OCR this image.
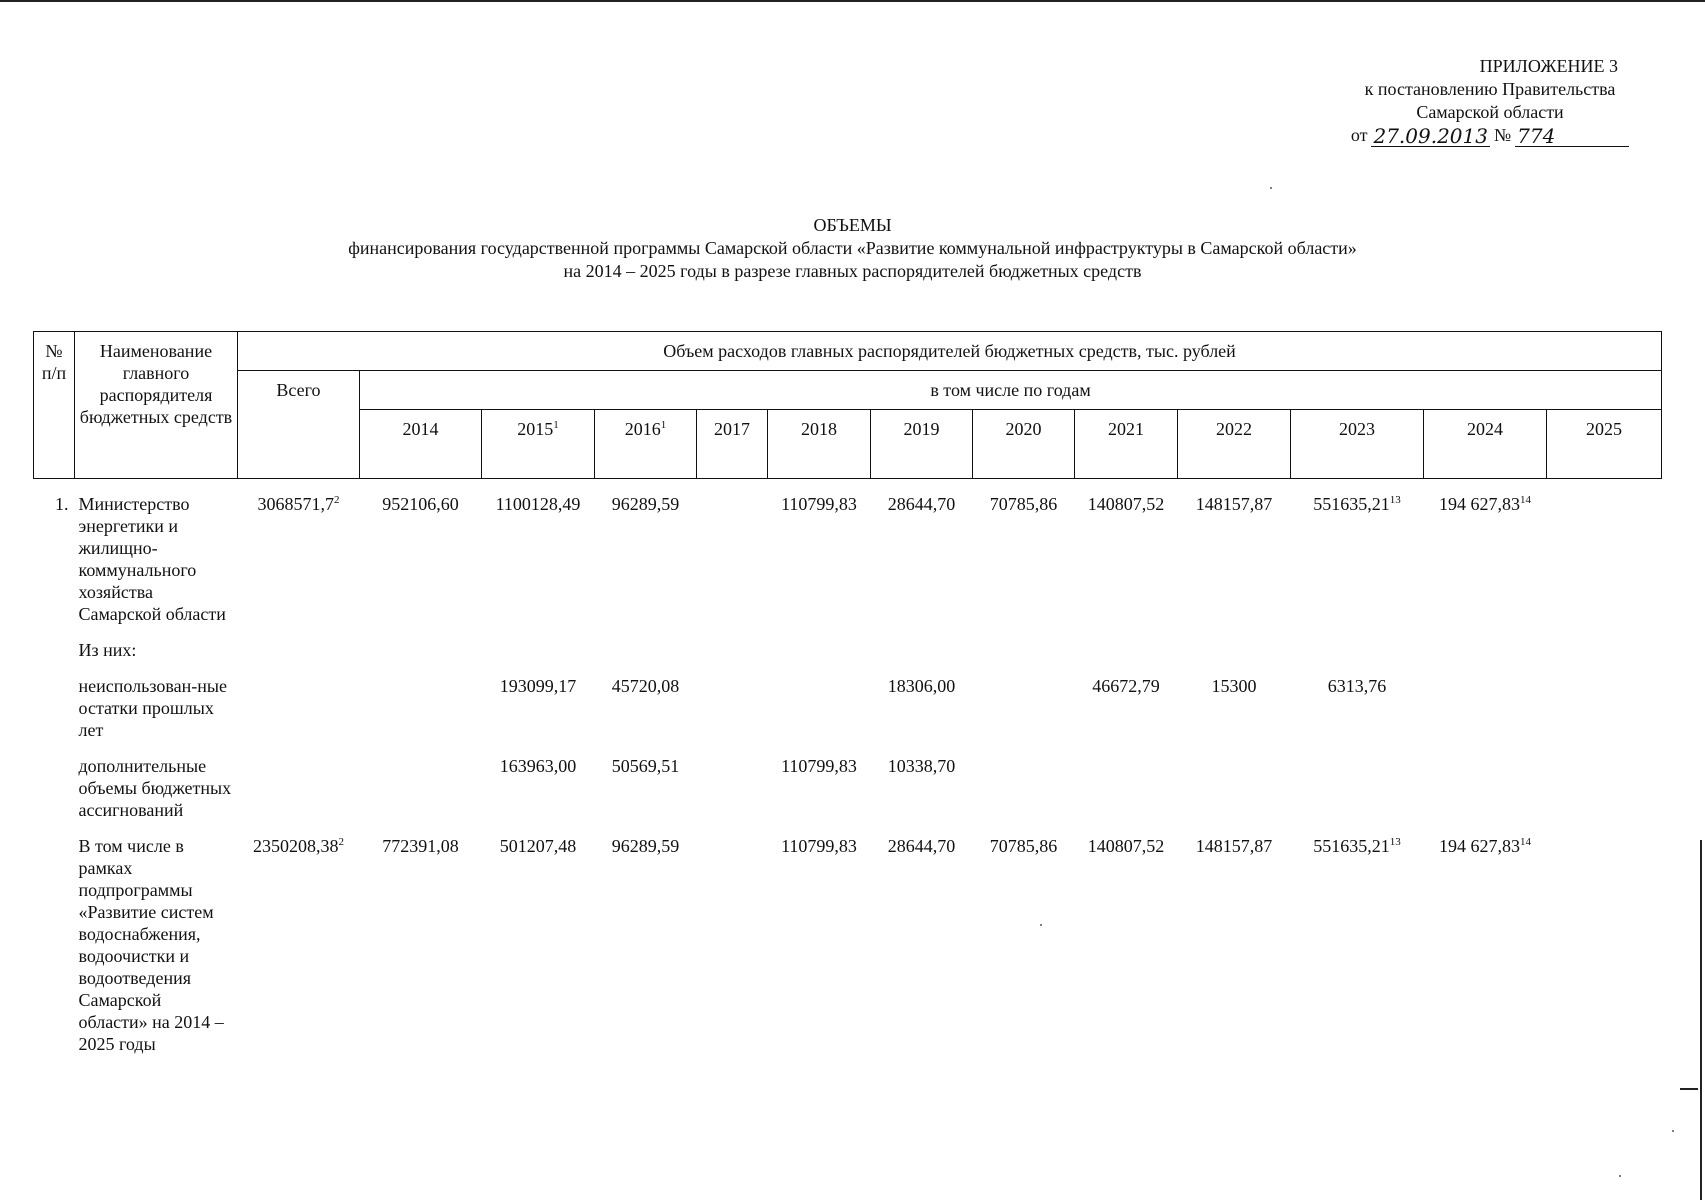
ПРИЛОЖЕНИЕ 3
к постановлению Правительства
Самарской области
от 27.09.2013 № 774
ОБЪЕМЫ
финансирования государственной программы Самарской области «Развитие коммунальной инфраструктуры в Самарской области»
на 2014 – 2025 годы в разрезе главных распорядителей бюджетных средств
№ п/п	Наименование главного распорядителя бюджетных средств	Объем расходов главных распорядителей бюджетных средств, тыс. рублей												
		Всего	в том числе по годам											
			2014	2015$^1$	2016$^1$	2017	2018	2019	2020	2021	2022	2023	2024	2025

1.	Министерство энергетики и жилищно-коммунального хозяйства Самарской области	3068571,7$^2$	952106,60	1100128,49	96289,59		110799,83	28644,70	70785,86	140807,52	148157,87	551635,21$^{13}$	194 627,83$^{14}$	
	Из них:													
	неиспользован-ные остатки прошлых лет			193099,17	45720,08			18306,00		46672,79	15300	6313,76		
	дополнительные объемы бюджетных ассигнований			163963,00	50569,51		110799,83	10338,70						
	В том числе в рамках подпрограммы «Развитие систем водоснабжения, водоочистки и водоотведения Самарской области» на 2014 – 2025 годы	2350208,38$^2$	772391,08	501207,48	96289,59		110799,83	28644,70	70785,86	140807,52	148157,87	551635,21$^{13}$	194 627,83$^{14}$	
